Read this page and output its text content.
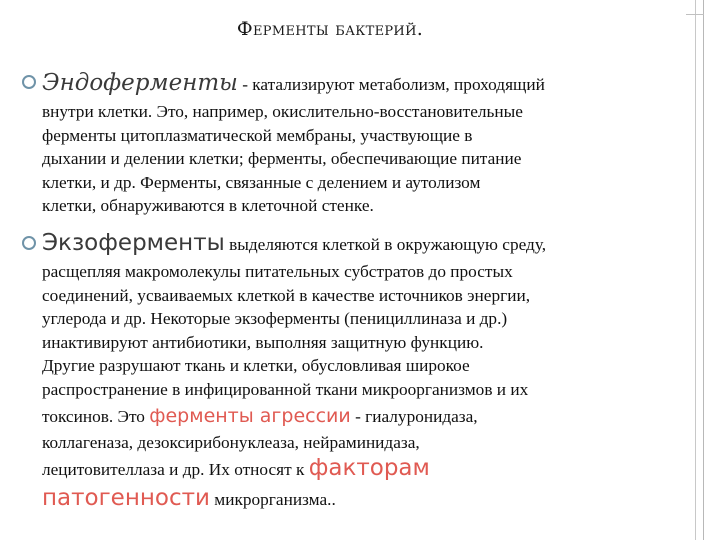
Ферменты бактерий.
Эндоферменты - катализируют метаболизм, проходящий
внутри клетки. Это, например, окислительно-восстановительные
ферменты цитоплазматической мембраны, участвующие в
дыхании и делении клетки; ферменты, обеспечивающие питание
клетки, и др. Ферменты, связанные с делением и аутолизом
клетки, обнаруживаются в клеточной стенке.
Экзоферменты выделяются клеткой в окружающую среду,
расщепляя макромолекулы питательных субстратов до простых
соединений, усваиваемых клеткой в качестве источников энергии,
углерода и др. Некоторые экзоферменты (пенициллиназа и др.)
инактивируют антибиотики, выполняя защитную функцию.
Другие разрушают ткань и клетки, обусловливая широкое
распространение в инфицированной ткани микроорганизмов и их
токсинов. Это ферменты агрессии - гиалуронидаза,
коллагеназа, дезоксирибонуклеаза, нейраминидаза,
лецитовителлаза и др. Их относят к факторам
патогенности микрорганизма..
